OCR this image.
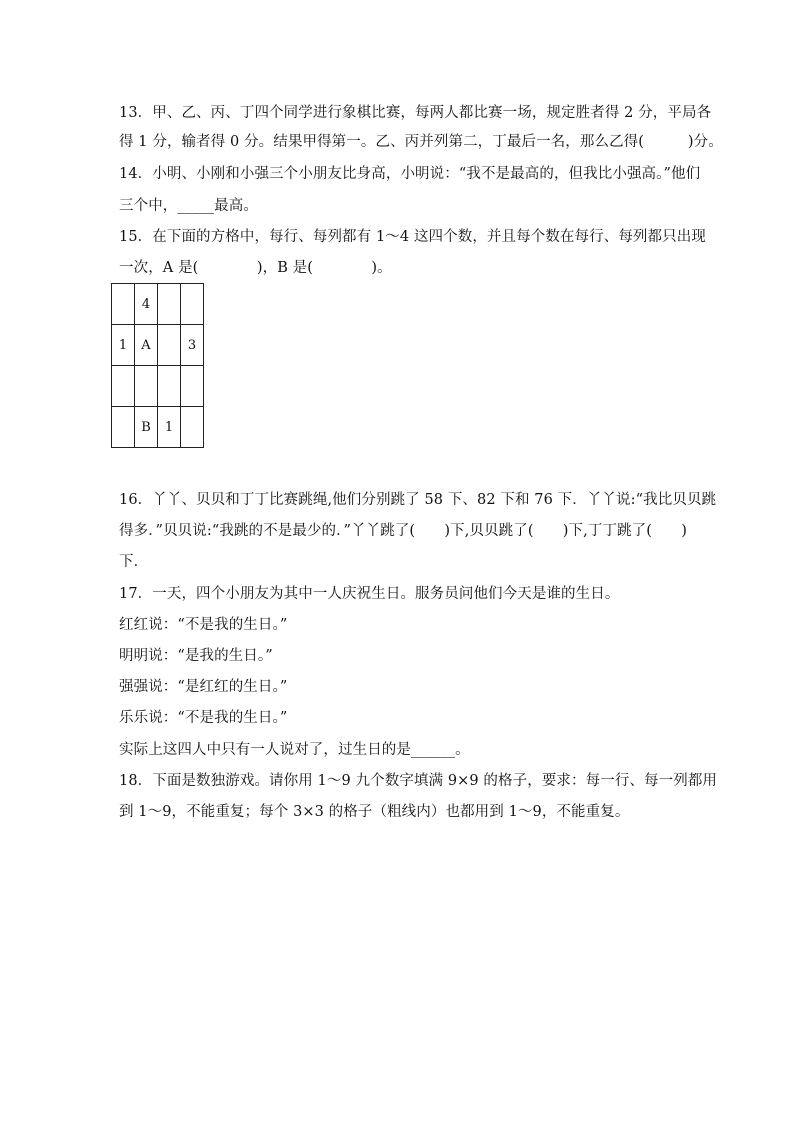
13．甲、乙、丙、丁四个同学进行象棋比赛，每两人都比赛一场，规定胜者得 2 分，平局各
得 1 分，输者得 0 分。结果甲得第一。乙、丙并列第二，丁最后一名，那么乙得(　　　)分。
14．小明、小刚和小强三个小朋友比身高，小明说：“我不是最高的，但我比小强高。”他们
三个中，_____最高。
15．在下面的方格中，每行、每列都有 1～4 这四个数，并且每个数在每行、每列都只出现
一次，A 是(　　　　)，B 是(　　　　)。
	4		
1	A		3

	B	1	
16．丫丫、贝贝和丁丁比赛跳绳,他们分别跳了 58 下、82 下和 76 下．丫丫说:“我比贝贝跳
得多．”贝贝说:“我跳的不是最少的．”丫丫跳了(　　)下,贝贝跳了(　　)下,丁丁跳了(　　)
下．
17．一天，四个小朋友为其中一人庆祝生日。服务员问他们今天是谁的生日。
红红说：“不是我的生日。”
明明说：“是我的生日。”
强强说：“是红红的生日。”
乐乐说：“不是我的生日。”
实际上这四人中只有一人说对了，过生日的是______。
18．下面是数独游戏。请你用 1～9 九个数字填满 9×9 的格子，要求：每一行、每一列都用
到 1～9，不能重复；每个 3×3 的格子（粗线内）也都用到 1～9，不能重复。
